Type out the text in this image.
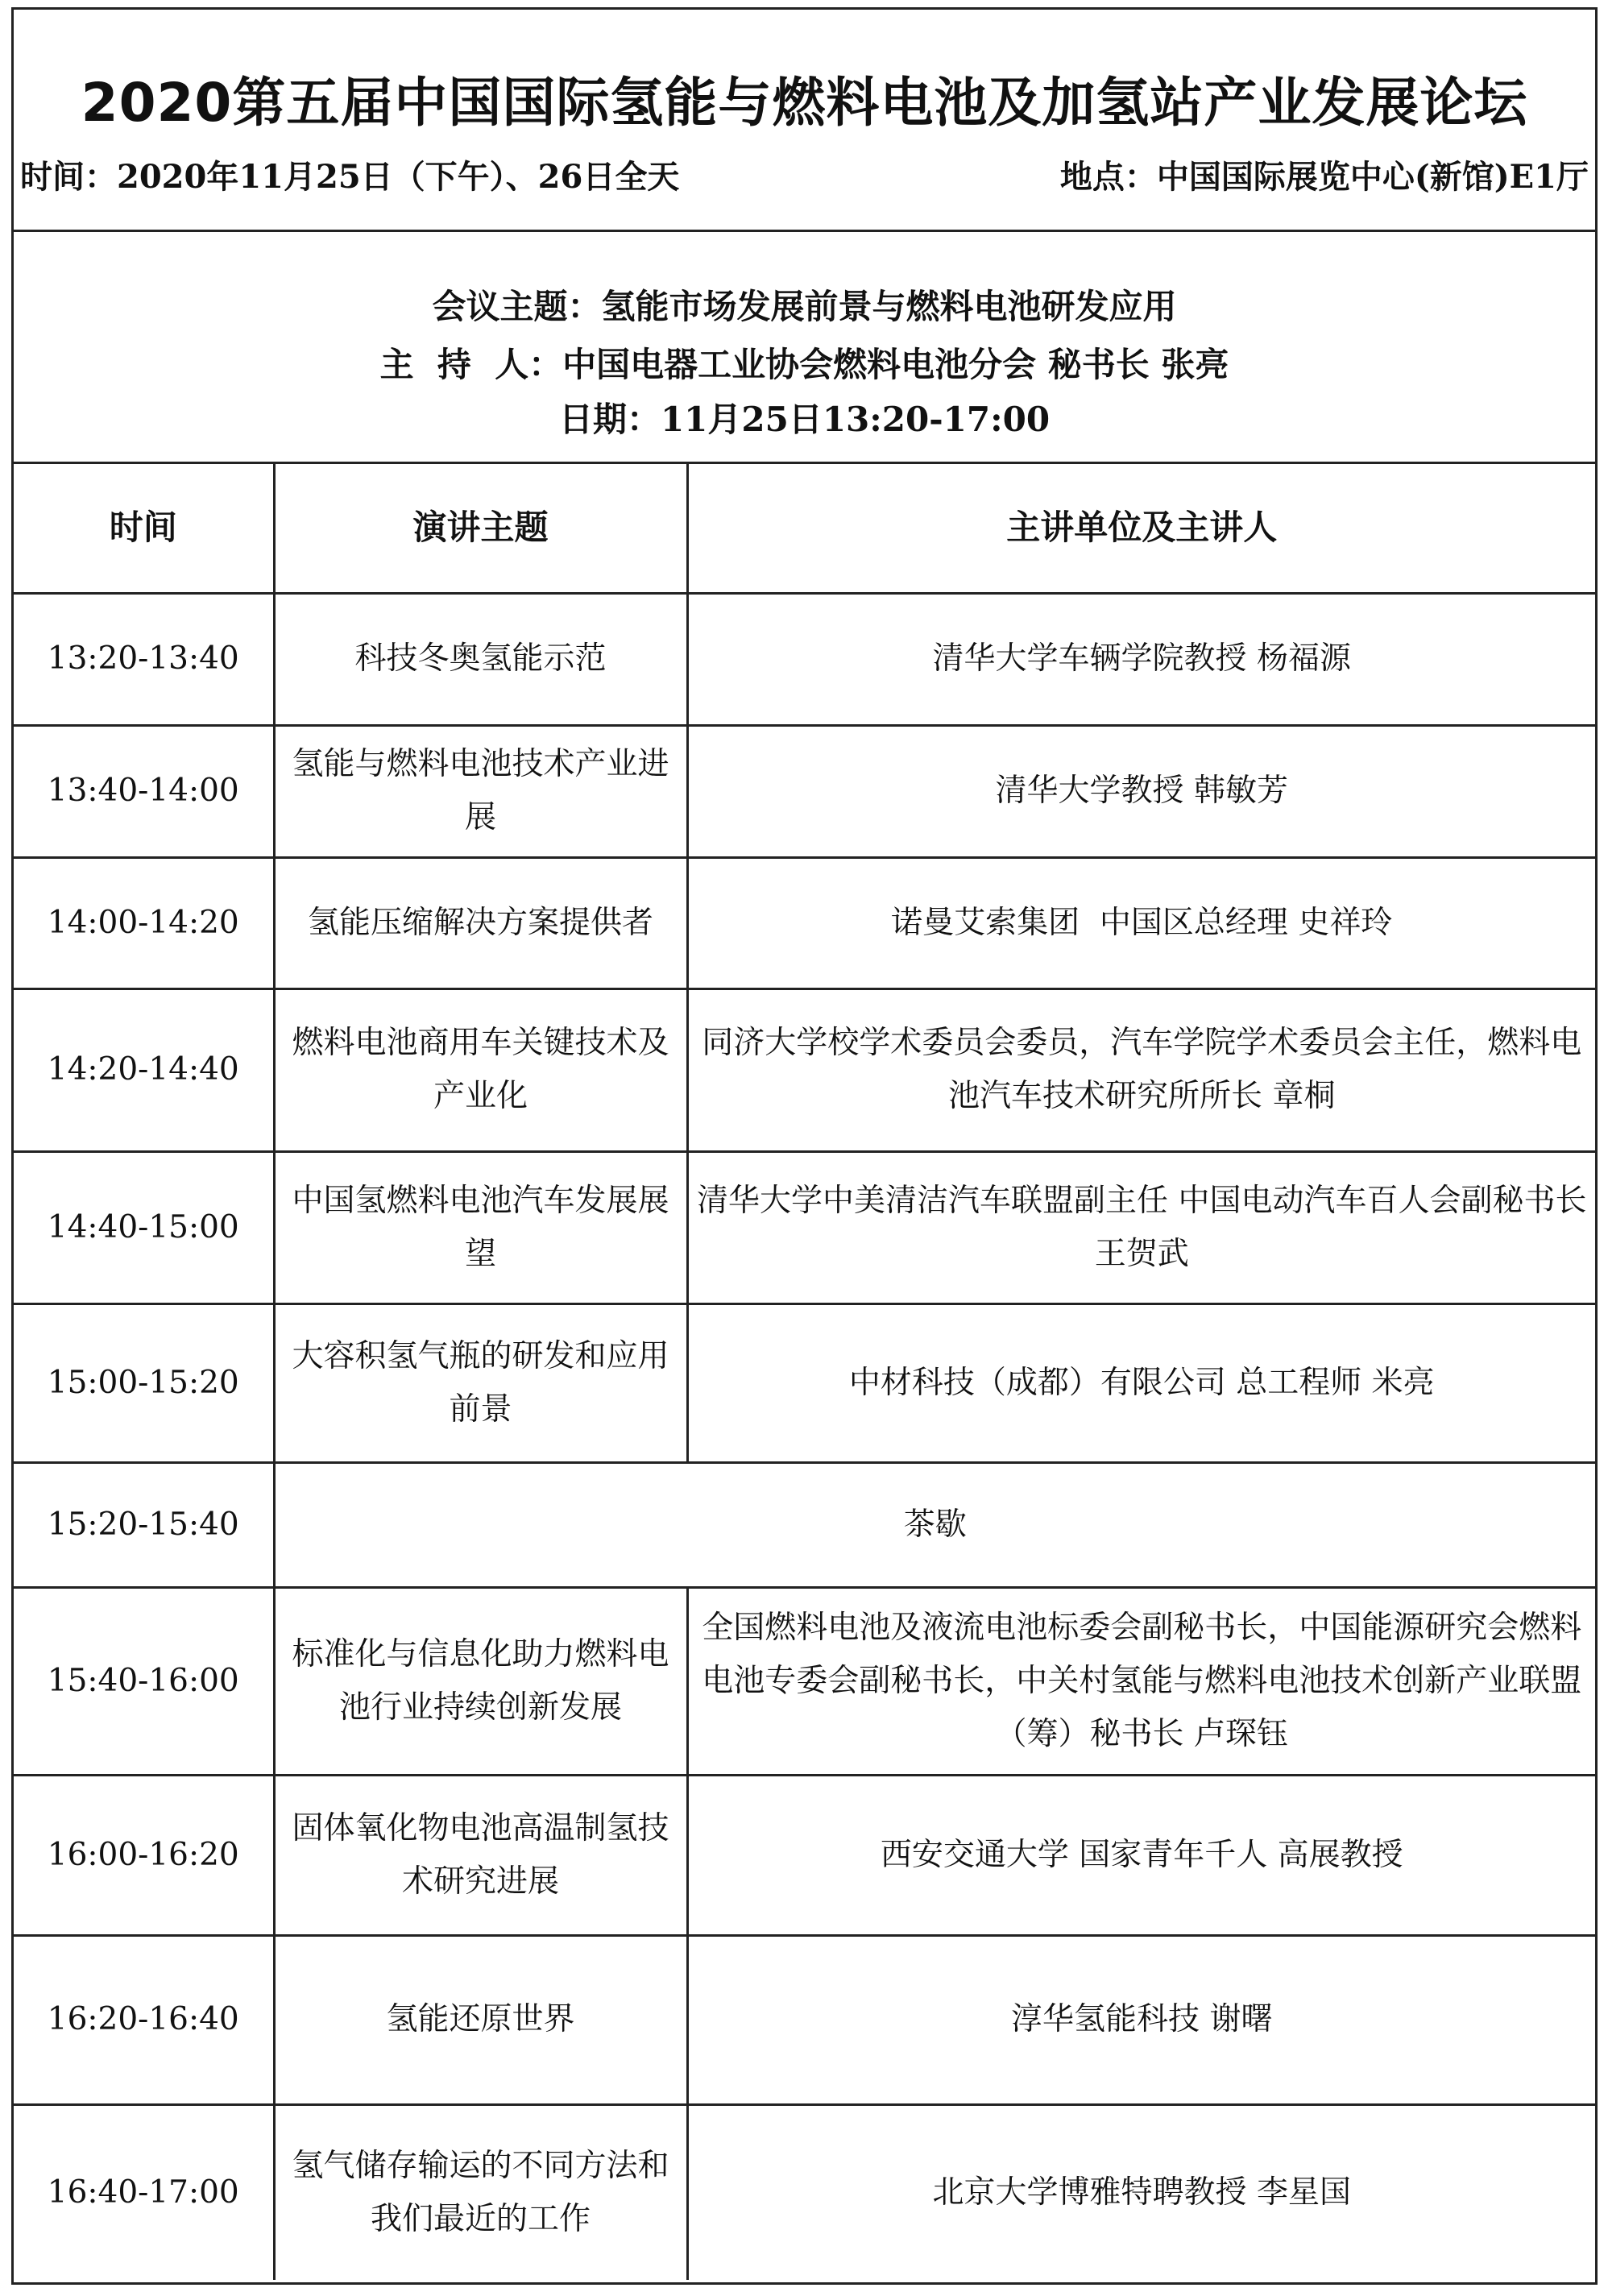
2020第五届中国国际氢能与燃料电池及加氢站产业发展论坛
时间：2020年11月25日（下午）、26日全天	地点：中国国际展览中心(新馆)E1厅
会议主题：氢能市场发展前景与燃料电池研发应用
主  持  人：中国电器工业协会燃料电池分会 秘书长 张亮
日期：11月25日13:20-17:00
时间	演讲主题	主讲单位及主讲人
13:20-13:40	科技冬奥氢能示范	清华大学车辆学院教授 杨福源
13:40-14:00	氢能与燃料电池技术产业进展	清华大学教授 韩敏芳
14:00-14:20	氢能压缩解决方案提供者	诺曼艾索集团  中国区总经理 史祥玲
14:20-14:40	燃料电池商用车关键技术及产业化	同济大学校学术委员会委员，汽车学院学术委员会主任，燃料电池汽车技术研究所所长 章桐
14:40-15:00	中国氢燃料电池汽车发展展望	清华大学中美清洁汽车联盟副主任 中国电动汽车百人会副秘书长 王贺武
15:00-15:20	大容积氢气瓶的研发和应用前景	中材科技（成都）有限公司 总工程师 米亮
15:20-15:40	茶歇	
15:40-16:00	标准化与信息化助力燃料电池行业持续创新发展	全国燃料电池及液流电池标委会副秘书长，中国能源研究会燃料电池专委会副秘书长，中关村氢能与燃料电池技术创新产业联盟（筹）秘书长 卢琛钰
16:00-16:20	固体氧化物电池高温制氢技术研究进展	西安交通大学 国家青年千人 高展教授
16:20-16:40	氢能还原世界	淳华氢能科技 谢曙
16:40-17:00	氢气储存输运的不同方法和我们最近的工作	北京大学博雅特聘教授 李星国
